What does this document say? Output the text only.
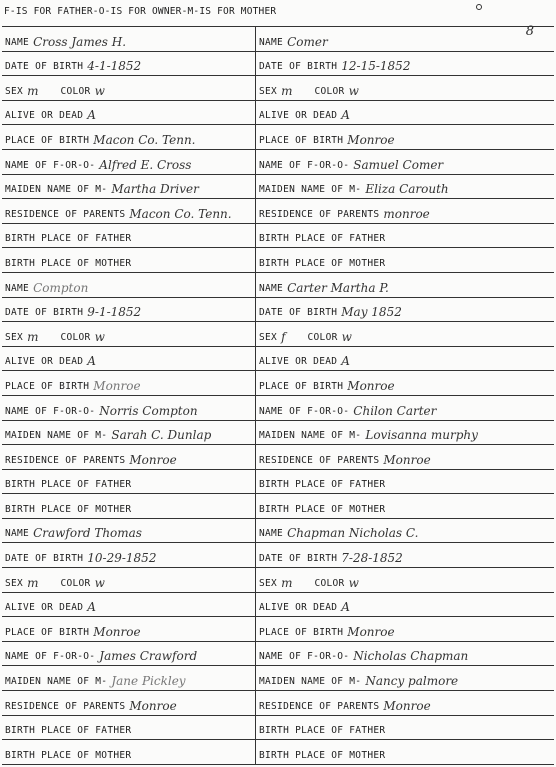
F-IS FOR FATHER-O-IS FOR OWNER-M-IS FOR MOTHER
8
NAME Cross James H.	NAME Comer
DATE OF BIRTH 4-1-1852	DATE OF BIRTH 12-15-1852
SEX m COLOR w	SEX m COLOR w
ALIVE OR DEAD A	ALIVE OR DEAD A
PLACE OF BIRTH Macon Co. Tenn.	PLACE OF BIRTH Monroe
NAME OF F-OR-O- Alfred E. Cross	NAME OF F-OR-O- Samuel Comer
MAIDEN NAME OF M- Martha Driver	MAIDEN NAME OF M- Eliza Carouth
RESIDENCE OF PARENTS Macon Co. Tenn.	RESIDENCE OF PARENTS monroe
BIRTH PLACE OF FATHER	BIRTH PLACE OF FATHER
BIRTH PLACE OF MOTHER	BIRTH PLACE OF MOTHER
NAME Compton	NAME Carter Martha P.
DATE OF BIRTH 9-1-1852	DATE OF BIRTH May 1852
SEX m COLOR w	SEX f COLOR w
ALIVE OR DEAD A	ALIVE OR DEAD A
PLACE OF BIRTH Monroe	PLACE OF BIRTH Monroe
NAME OF F-OR-O- Norris Compton	NAME OF F-OR-O- Chilon Carter
MAIDEN NAME OF M- Sarah C. Dunlap	MAIDEN NAME OF M- Lovisanna murphy
RESIDENCE OF PARENTS Monroe	RESIDENCE OF PARENTS Monroe
BIRTH PLACE OF FATHER	BIRTH PLACE OF FATHER
BIRTH PLACE OF MOTHER	BIRTH PLACE OF MOTHER
NAME Crawford Thomas	NAME Chapman Nicholas C.
DATE OF BIRTH 10-29-1852	DATE OF BIRTH 7-28-1852
SEX m COLOR w	SEX m COLOR w
ALIVE OR DEAD A	ALIVE OR DEAD A
PLACE OF BIRTH Monroe	PLACE OF BIRTH Monroe
NAME OF F-OR-O- James Crawford	NAME OF F-OR-O- Nicholas Chapman
MAIDEN NAME OF M- Jane Pickley	MAIDEN NAME OF M- Nancy palmore
RESIDENCE OF PARENTS Monroe	RESIDENCE OF PARENTS Monroe
BIRTH PLACE OF FATHER	BIRTH PLACE OF FATHER
BIRTH PLACE OF MOTHER	BIRTH PLACE OF MOTHER
